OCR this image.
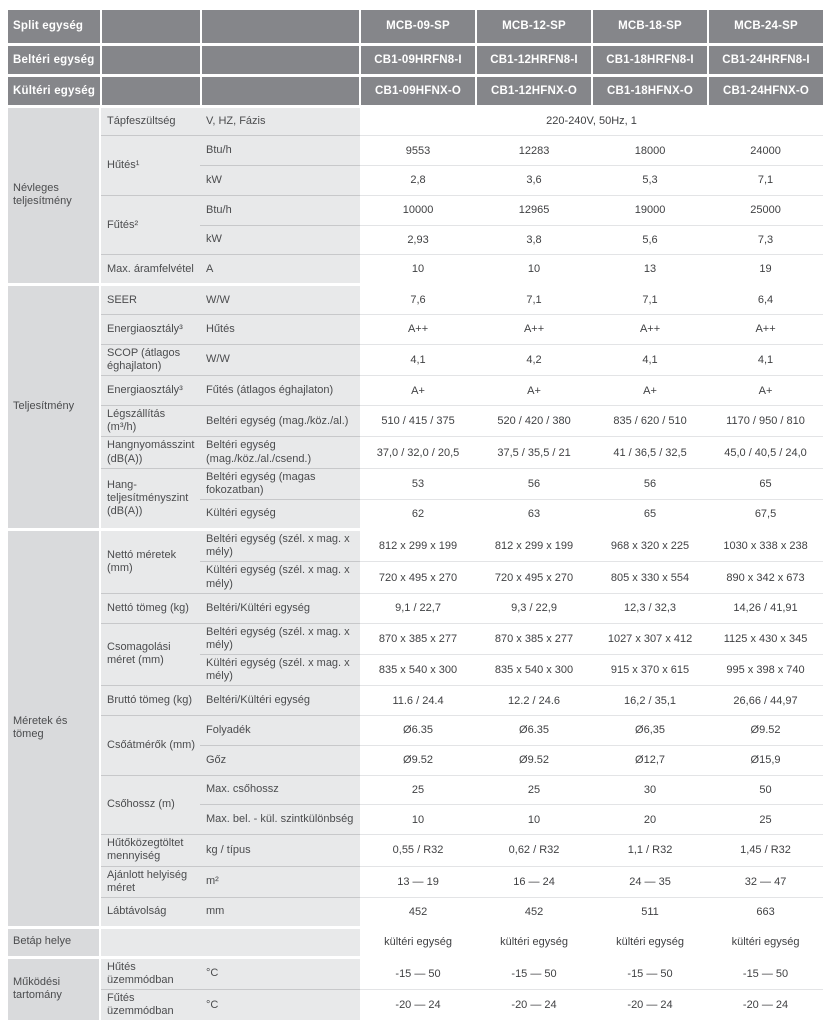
Split egység			MCB-09-SP	MCB-12-SP	MCB-18-SP	MCB-24-SP
Beltéri egység			CB1-09HRFN8-I	CB1-12HRFN8-I	CB1-18HRFN8-I	CB1-24HRFN8-I
Kültéri egység			CB1-09HFNX-O	CB1-12HFNX-O	CB1-18HFNX-O	CB1-24HFNX-O
Névleges teljesítmény	Tápfeszültség	V, HZ, Fázis	220-240V, 50Hz, 1			
	Hűtés¹	Btu/h	9553	12283	18000	24000
		kW	2,8	3,6	5,3	7,1
	Fűtés²	Btu/h	10000	12965	19000	25000
		kW	2,93	3,8	5,6	7,3
	Max. áramfelvétel	A	10	10	13	19
Teljesítmény	SEER	W/W	7,6	7,1	7,1	6,4
	Energiaosztály³	Hűtés	A++	A++	A++	A++
	SCOP (átlagos éghajlaton)	W/W	4,1	4,2	4,1	4,1
	Energiaosztály³	Fűtés (átlagos éghajlaton)	A+	A+	A+	A+
	Légszállítás (m³/h)	Beltéri egység (mag./köz./al.)	510 / 415 / 375	520 / 420 / 380	835 / 620 / 510	1170 / 950 / 810
	Hangnyomásszint (dB(A))	Beltéri egység (mag./köz./al./csend.)	37,0 / 32,0 / 20,5	37,5 / 35,5 / 21	41 / 36,5 / 32,5	45,0 / 40,5 / 24,0
	Hang-teljesítményszint (dB(A))	Beltéri egység (magas fokozatban)	53	56	56	65
		Kültéri egység	62	63	65	67,5
Méretek és tömeg	Nettó méretek (mm)	Beltéri egység (szél. x mag. x mély)	812 x 299 x 199	812 x 299 x 199	968 x 320 x 225	1030 x 338 x 238
		Kültéri egység (szél. x mag. x mély)	720 x 495 x 270	720 x 495 x 270	805 x 330 x 554	890 x 342 x 673
	Nettó tömeg (kg)	Beltéri/Kültéri egység	9,1 / 22,7	9,3 / 22,9	12,3 / 32,3	14,26 / 41,91
	Csomagolási méret (mm)	Beltéri egység (szél. x mag. x mély)	870 x 385 x 277	870 x 385 x 277	1027 x 307 x 412	1125 x 430 x 345
		Kültéri egység (szél. x mag. x mély)	835 x 540 x 300	835 x 540 x 300	915 x 370 x 615	995 x 398 x 740
	Bruttó tömeg (kg)	Beltéri/Kültéri egység	11.6 / 24.4	12.2 / 24.6	16,2 / 35,1	26,66 / 44,97
	Csőátmérők (mm)	Folyadék	Ø6.35	Ø6.35	Ø6,35	Ø9.52
		Gőz	Ø9.52	Ø9.52	Ø12,7	Ø15,9
	Csőhossz (m)	Max. csőhossz	25	25	30	50
		Max. bel. - kül. szintkülönbség	10	10	20	25
	Hűtőközegtöltet mennyiség	kg / típus	0,55 / R32	0,62 / R32	1,1 / R32	1,45 / R32
	Ajánlott helyiség méret	m²	13 — 19	16 — 24	24 — 35	32 — 47
	Lábtávolság	mm	452	452	511	663
Betáp helye			kültéri egység	kültéri egység	kültéri egység	kültéri egység
Működési tartomány	Hűtés üzemmódban	°C	-15 — 50	-15 — 50	-15 — 50	-15 — 50
	Fűtés üzemmódban	°C	-20 — 24	-20 — 24	-20 — 24	-20 — 24
